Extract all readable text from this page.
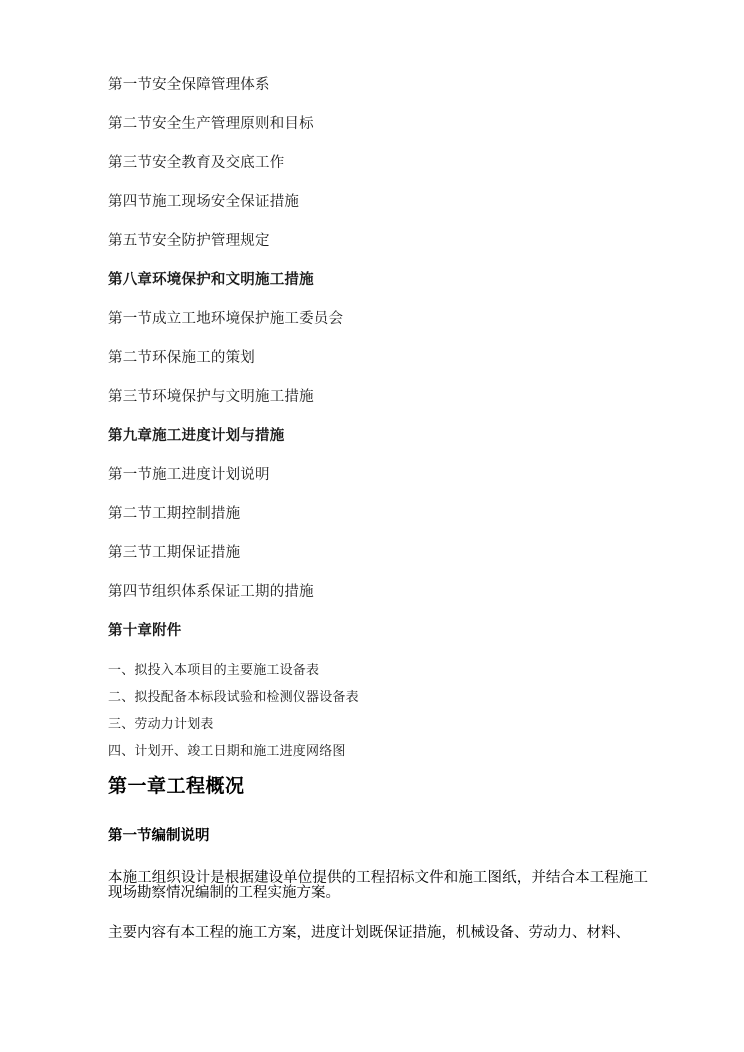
第一节安全保障管理体系

第二节安全生产管理原则和目标

第三节安全教育及交底工作

第四节施工现场安全保证措施

第五节安全防护管理规定

第八章环境保护和文明施工措施

第一节成立工地环境保护施工委员会

第二节环保施工的策划

第三节环境保护与文明施工措施

第九章施工进度计划与措施

第一节施工进度计划说明

第二节工期控制措施

第三节工期保证措施

第四节组织体系保证工期的措施

第十章附件

一、拟投入本项目的主要施工设备表

二、拟投配备本标段试验和检测仪器设备表

三、劳动力计划表

四、计划开、竣工日期和施工进度网络图

第一章工程概况
第一节编制说明

本施工组织设计是根据建设单位提供的工程招标文件和施工图纸，并结合本工程施工现场勘察情况编制的工程实施方案。

主要内容有本工程的施工方案，进度计划既保证措施，机械设备、劳动力、材料、
